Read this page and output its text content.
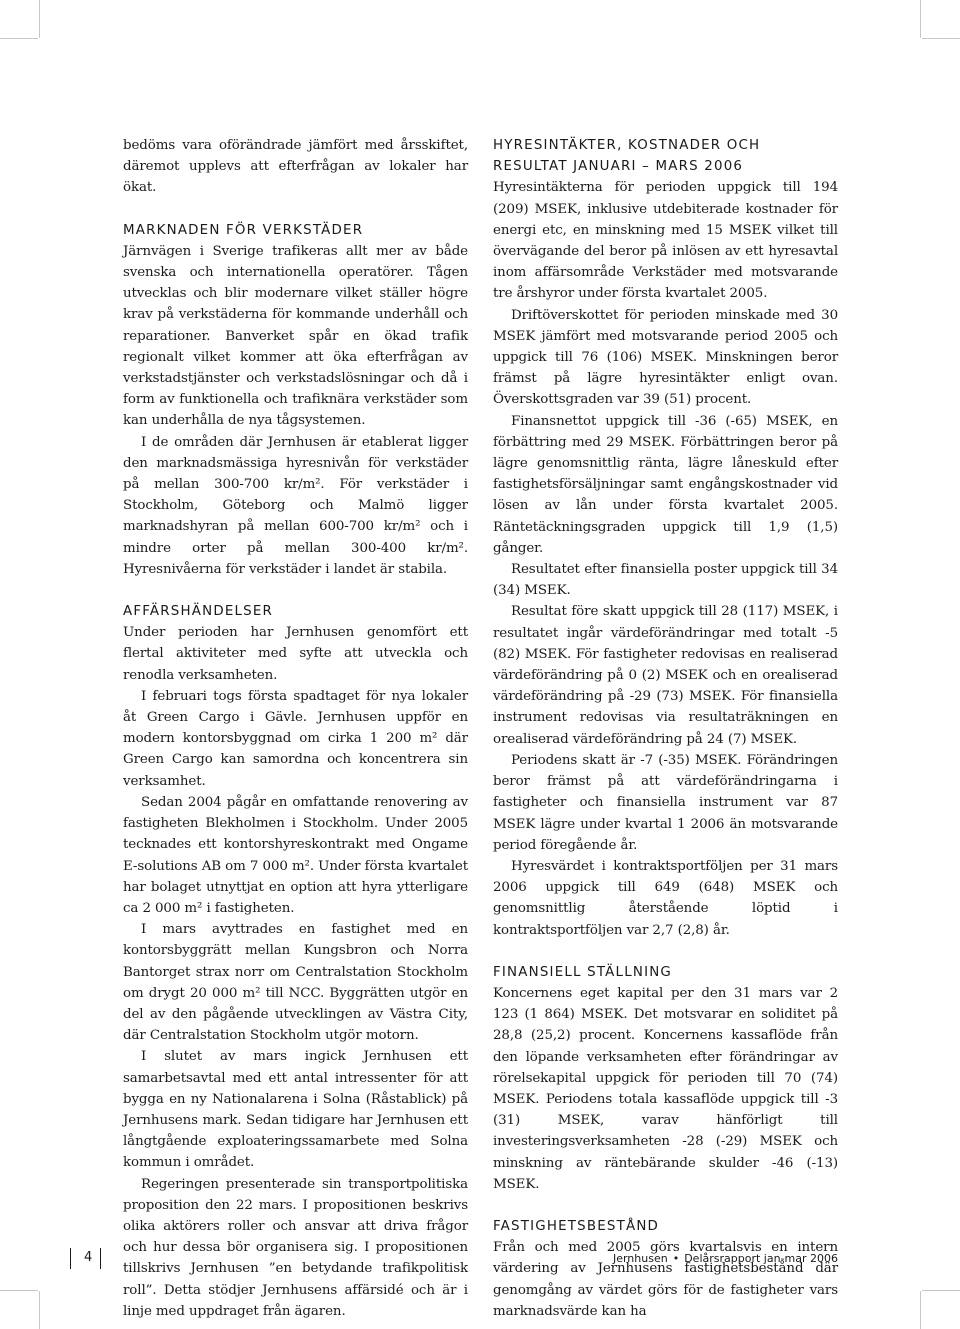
bedöms vara oförändrade jämfört med årsskiftet, däremot upplevs att efterfrågan av lokaler har ökat.

MARKNADEN FÖR VERKSTÄDER

Järnvägen i Sverige trafikeras allt mer av både svenska och internationella operatörer. Tågen utvecklas och blir modernare vilket ställer högre krav på verkstäderna för kommande underhåll och reparationer. Banverket spår en ökad trafik regionalt vilket kommer att öka efterfrågan av verkstadstjänster och verkstadslösningar och då i form av funktionella och trafiknära verkstäder som kan underhålla de nya tågsystemen.

I de områden där Jernhusen är etablerat ligger den marknadsmässiga hyresnivån för verkstäder på mellan 300-700 kr/m². För verkstäder i Stockholm, Göteborg och Malmö ligger marknadshyran på mellan 600-700 kr/m² och i mindre orter på mellan 300-400 kr/m². Hyresnivåerna för verkstäder i landet är stabila.

AFFÄRSHÄNDELSER

Under perioden har Jernhusen genomfört ett flertal aktiviteter med syfte att utveckla och renodla verksamheten.

I februari togs första spadtaget för nya lokaler åt Green Cargo i Gävle. Jernhusen uppför en modern kontorsbyggnad om cirka 1 200 m² där Green Cargo kan samordna och koncentrera sin verksamhet.

Sedan 2004 pågår en omfattande renovering av fastigheten Blekholmen i Stockholm. Under 2005 tecknades ett kontorshyreskontrakt med Ongame E-solutions AB om 7 000 m². Under första kvartalet har bolaget utnyttjat en option att hyra ytterligare ca 2 000 m² i fastigheten.

I mars avyttrades en fastighet med en kontorsbyggrätt mellan Kungsbron och Norra Bantorget strax norr om Centralstation Stockholm om drygt 20 000 m² till NCC. Byggrätten utgör en del av den pågående utvecklingen av Västra City, där Centralstation Stockholm utgör motorn.

I slutet av mars ingick Jernhusen ett samarbetsavtal med ett antal intressenter för att bygga en ny Nationalarena i Solna (Råstablick) på Jernhusens mark. Sedan tidigare har Jernhusen ett långtgående exploateringssamarbete med Solna kommun i området.

Regeringen presenterade sin transportpolitiska proposition den 22 mars. I propositionen beskrivs olika aktörers roller och ansvar att driva frågor och hur dessa bör organisera sig. I propositionen tillskrivs Jernhusen ”en betydande trafikpolitisk roll”. Detta stödjer Jernhusens affärsidé och är i linje med uppdraget från ägaren.

HYRESINTÄKTER, KOSTNADER OCH
RESULTAT JANUARI – MARS 2006

Hyresintäkterna för perioden uppgick till 194 (209) MSEK, inklusive utdebiterade kostnader för energi etc, en minskning med 15 MSEK vilket till övervägande del beror på inlösen av ett hyresavtal inom affärsområde Verkstäder med motsvarande tre årshyror under första kvartalet 2005.

Driftöverskottet för perioden minskade med 30 MSEK jämfört med motsvarande period 2005 och uppgick till 76 (106) MSEK. Minskningen beror främst på lägre hyresintäkter enligt ovan. Överskottsgraden var 39 (51) procent.

Finansnettot uppgick till -36 (-65) MSEK, en förbättring med 29 MSEK. Förbättringen beror på lägre genomsnittlig ränta, lägre låneskuld efter fastighetsförsäljningar samt engångskostnader vid lösen av lån under första kvartalet 2005. Räntetäckningsgraden uppgick till 1,9 (1,5) gånger.

Resultatet efter finansiella poster uppgick till 34 (34) MSEK.

Resultat före skatt uppgick till 28 (117) MSEK, i resultatet ingår värdeförändringar med totalt -5 (82) MSEK. För fastigheter redovisas en realiserad värdeförändring på 0 (2) MSEK och en orealiserad värdeförändring på -29 (73) MSEK. För finansiella instrument redovisas via resultaträkningen en orealiserad värdeförändring på 24 (7) MSEK.

Periodens skatt är -7 (-35) MSEK. Förändringen beror främst på att värdeförändringarna i fastigheter och finansiella instrument var 87 MSEK lägre under kvartal 1 2006 än motsvarande period föregående år.

Hyresvärdet i kontraktsportföljen per 31 mars 2006 uppgick till 649 (648) MSEK och genomsnittlig återstående löptid i kontraktsportföljen var 2,7 (2,8) år.

FINANSIELL STÄLLNING

Koncernens eget kapital per den 31 mars var 2 123 (1 864) MSEK. Det motsvarar en soliditet på 28,8 (25,2) procent. Koncernens kassaflöde från den löpande verksamheten efter förändringar av rörelsekapital uppgick för perioden till 70 (74) MSEK. Periodens totala kassaflöde uppgick till -3 (31) MSEK, varav hänförligt till investeringsverksamheten -28 (-29) MSEK och minskning av räntebärande skulder -46 (-13) MSEK.

FASTIGHETSBESTÅND

Från och med 2005 görs kvartalsvis en intern värdering av Jernhusens fastighetsbestånd där genomgång av värdet görs för de fastigheter vars marknadsvärde kan ha

4	Jernhusen • Delårsrapport jan-mar 2006
